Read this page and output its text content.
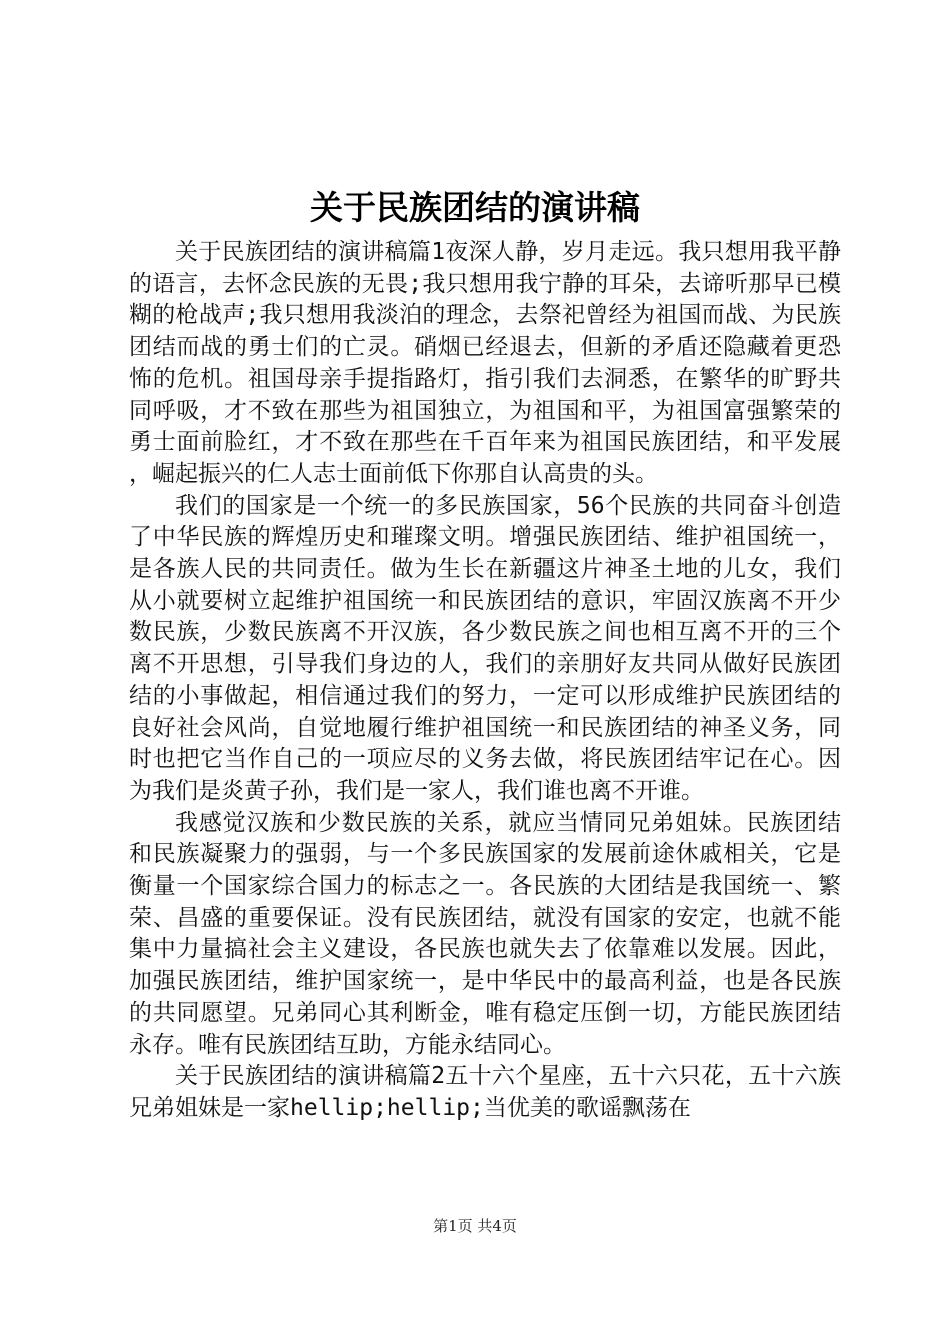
关于民族团结的演讲稿

关于民族团结的演讲稿篇1夜深人静，岁月走远。我只想用我平静的语言，去怀念民族的无畏;我只想用我宁静的耳朵，去谛听那早已模糊的枪战声;我只想用我淡泊的理念，去祭祀曾经为祖国而战、为民族团结而战的勇士们的亡灵。硝烟已经退去，但新的矛盾还隐藏着更恐怖的危机。祖国母亲手提指路灯，指引我们去洞悉，在繁华的旷野共同呼吸，才不致在那些为祖国独立，为祖国和平，为祖国富强繁荣的勇士面前脸红，才不致在那些在千百年来为祖国民族团结，和平发展，崛起振兴的仁人志士面前低下你那自认高贵的头。

我们的国家是一个统一的多民族国家，56个民族的共同奋斗创造了中华民族的辉煌历史和璀璨文明。增强民族团结、维护祖国统一，是各族人民的共同责任。做为生长在新疆这片神圣土地的儿女，我们从小就要树立起维护祖国统一和民族团结的意识，牢固汉族离不开少数民族，少数民族离不开汉族，各少数民族之间也相互离不开的三个离不开思想，引导我们身边的人，我们的亲朋好友共同从做好民族团结的小事做起，相信通过我们的努力，一定可以形成维护民族团结的良好社会风尚，自觉地履行维护祖国统一和民族团结的神圣义务，同时也把它当作自己的一项应尽的义务去做，将民族团结牢记在心。因为我们是炎黄子孙，我们是一家人，我们谁也离不开谁。

我感觉汉族和少数民族的关系，就应当情同兄弟姐妹。民族团结和民族凝聚力的强弱，与一个多民族国家的发展前途休戚相关，它是衡量一个国家综合国力的标志之一。各民族的大团结是我国统一、繁荣、昌盛的重要保证。没有民族团结，就没有国家的安定，也就不能集中力量搞社会主义建设，各民族也就失去了依靠难以发展。因此，加强民族团结，维护国家统一，是中华民中的最高利益，也是各民族的共同愿望。兄弟同心其利断金，唯有稳定压倒一切，方能民族团结永存。唯有民族团结互助，方能永结同心。

关于民族团结的演讲稿篇2五十六个星座，五十六只花，五十六族兄弟姐妹是一家hellip;hellip;当优美的歌谣飘荡在

第1页 共4页
